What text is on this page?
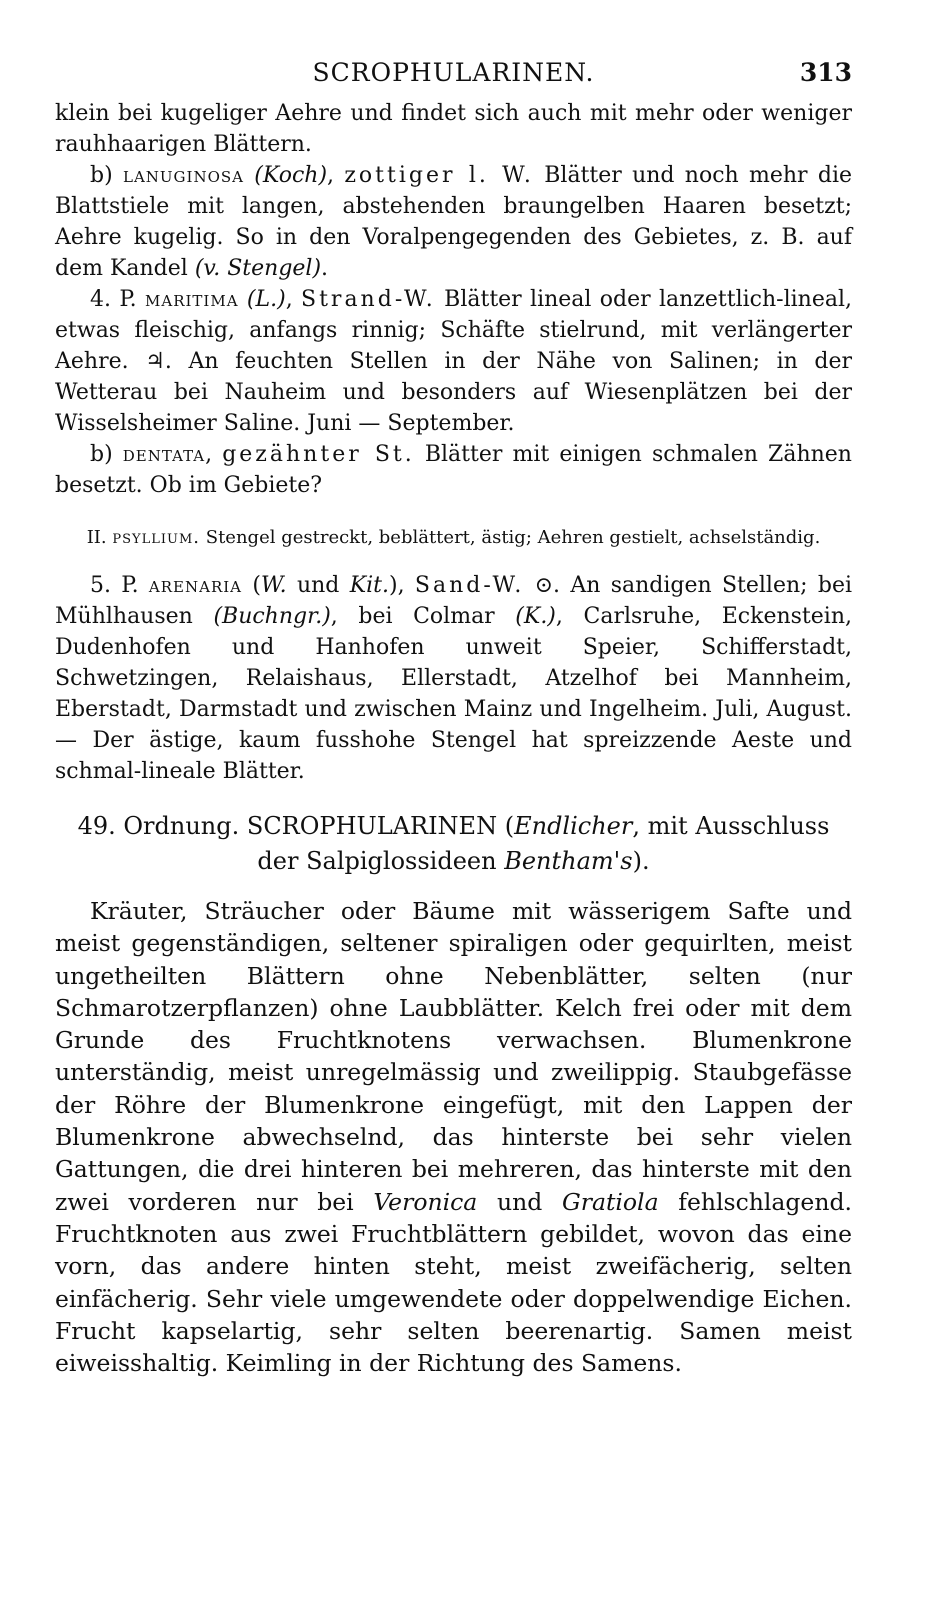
SCROPHULARINEN.	313

klein bei kugeliger Aehre und findet sich auch mit mehr oder weniger rauhhaarigen Blättern.

b) lanuginosa (Koch), zottiger l. W. Blätter und noch mehr die Blattstiele mit langen, abstehenden braungelben Haaren besetzt; Aehre kugelig. So in den Voralpengegenden des Gebietes, z. B. auf dem Kandel (v. Stengel).

4. P. maritima (L.), Strand-W. Blätter lineal oder lanzettlich-lineal, etwas fleischig, anfangs rinnig; Schäfte stielrund, mit verlängerter Aehre. ♃. An feuchten Stellen in der Nähe von Salinen; in der Wetterau bei Nauheim und besonders auf Wiesenplätzen bei der Wisselsheimer Saline. Juni — September.

b) dentata, gezähnter St. Blätter mit einigen schmalen Zähnen besetzt. Ob im Gebiete?

II. psyllium. Stengel gestreckt, beblättert, ästig; Aehren gestielt, achselständig.

5. P. arenaria (W. und Kit.), Sand-W. ⊙. An sandigen Stellen; bei Mühlhausen (Buchngr.), bei Colmar (K.), Carlsruhe, Eckenstein, Dudenhofen und Hanhofen unweit Speier, Schifferstadt, Schwetzingen, Relaishaus, Ellerstadt, Atzelhof bei Mannheim, Eberstadt, Darmstadt und zwischen Mainz und Ingelheim. Juli, August. — Der ästige, kaum fusshohe Stengel hat spreizzende Aeste und schmal-lineale Blätter.

49. Ordnung. SCROPHULARINEN (Endlicher, mit Ausschluss der Salpiglossideen Bentham's).

Kräuter, Sträucher oder Bäume mit wässerigem Safte und meist gegenständigen, seltener spiraligen oder gequirlten, meist ungetheilten Blättern ohne Nebenblätter, selten (nur Schmarotzerpflanzen) ohne Laubblätter. Kelch frei oder mit dem Grunde des Fruchtknotens verwachsen. Blumenkrone unterständig, meist unregelmässig und zweilippig. Staubgefässe der Röhre der Blumenkrone eingefügt, mit den Lappen der Blumenkrone abwechselnd, das hinterste bei sehr vielen Gattungen, die drei hinteren bei mehreren, das hinterste mit den zwei vorderen nur bei Veronica und Gratiola fehlschlagend. Fruchtknoten aus zwei Fruchtblättern gebildet, wovon das eine vorn, das andere hinten steht, meist zweifächerig, selten einfächerig. Sehr viele umgewendete oder doppelwendige Eichen. Frucht kapselartig, sehr selten beerenartig. Samen meist eiweisshaltig. Keimling in der Richtung des Samens.
